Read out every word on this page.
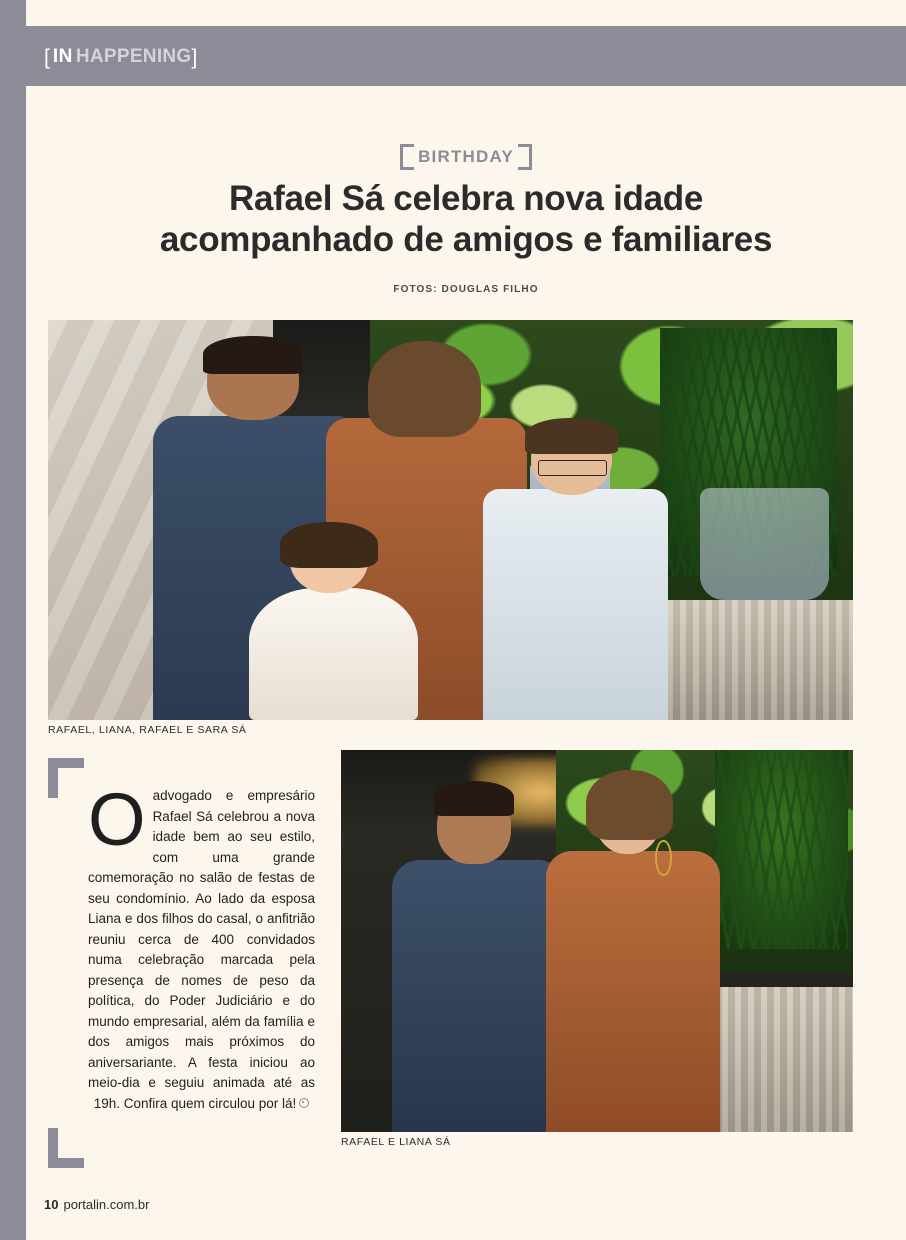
[ IN HAPPENING ]
BIRTHDAY
Rafael Sá celebra nova idade
acompanhado de amigos e familiares
FOTOS: DOUGLAS FILHO
RAFAEL, LIANA, RAFAEL E SARA SÁ
RAFAEL E LIANA SÁ
Oadvogado e empresário Rafael Sá celebrou a nova idade bem ao seu estilo, com uma grande comemoração no salão de festas de seu condomínio. Ao lado da esposa Liana e dos filhos do casal, o anfitrião reuniu cerca de 400 convidados numa celebração marcada pela presença de nomes de peso da política, do Poder Judiciário e do mundo empresarial, além da família e dos amigos mais próximos do aniversariante. A festa iniciou ao meio-dia e seguiu animada até as 19h. Confira quem circulou por lá!
10 portalin.com.br
